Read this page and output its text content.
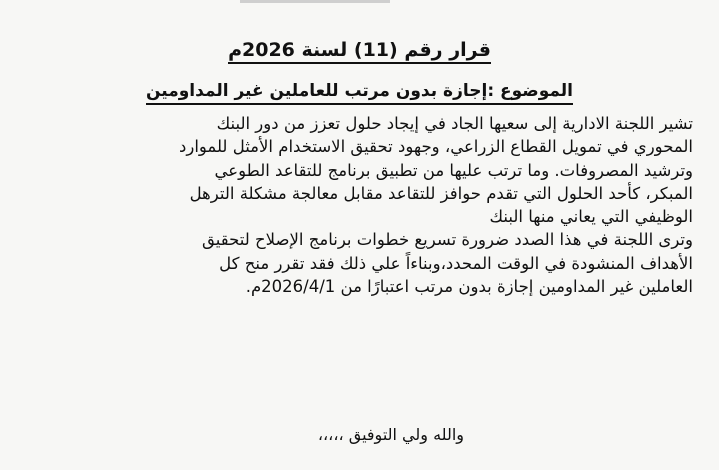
قرار رقم (11) لسنة 2026م
الموضوع :إجازة بدون مرتب للعاملين غير المداومين
تشير اللجنة الادارية إلى سعيها الجاد في إيجاد حلول تعزز من دور البنك
المحوري في تمويل القطاع الزراعي، وجهود تحقيق الاستخدام الأمثل للموارد
وترشيد المصروفات. وما ترتب عليها من تطبيق برنامج للتقاعد الطوعي
المبكر، كأحد الحلول التي تقدم حوافز للتقاعد مقابل معالجة مشكلة الترهل
الوظيفي التي يعاني منها البنك
وترى اللجنة في هذا الصدد ضرورة تسريع خطوات برنامج الإصلاح لتحقيق
الأهداف المنشودة في الوقت المحدد،وبناءاً علي ذلك فقد تقرر منح كل
العاملين غير المداومين إجازة بدون مرتب اعتبارًا من 2026/4/1م.
والله ولي التوفيق ،،،،،
